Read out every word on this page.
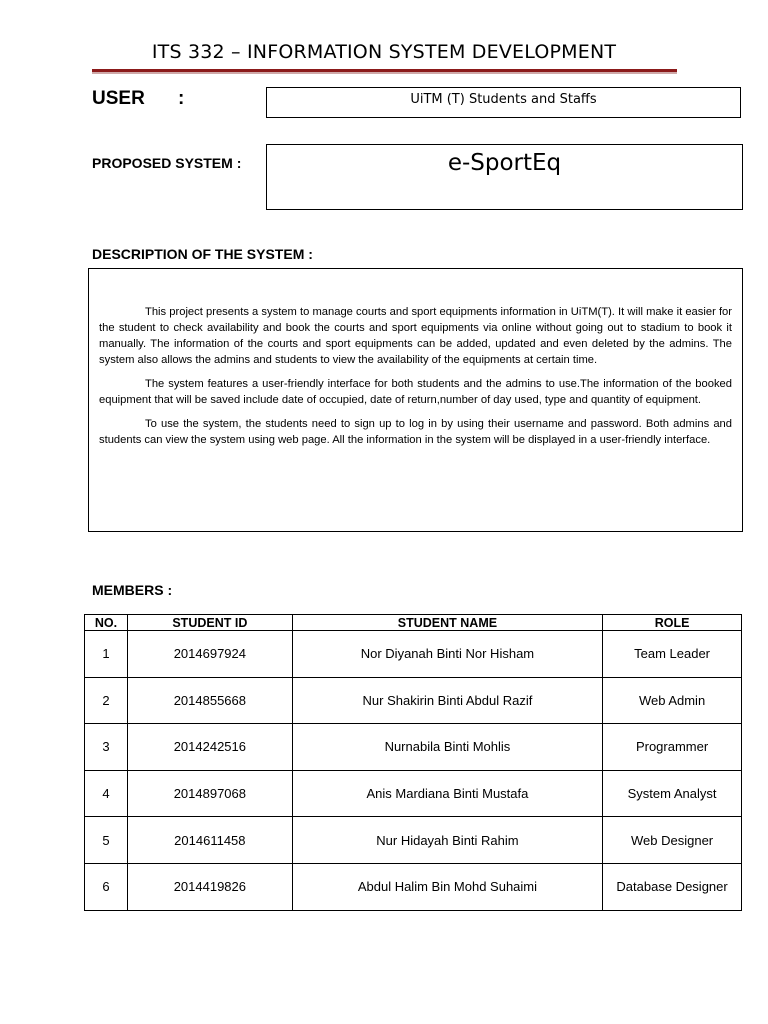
ITS 332 – INFORMATION SYSTEM DEVELOPMENT
USER :	UiTM (T) Students and Staffs
PROPOSED SYSTEM :	e-SportEq
DESCRIPTION OF THE SYSTEM :

This project presents a system to manage courts and sport equipments information in UiTM(T). It will make it easier for the student to check availability and book the courts and sport equipments via online without going out to stadium to book it manually. The information of the courts and sport equipments can be added, updated and even deleted by the admins. The system also allows the admins and students to view the availability of the equipments at certain time.

The system features a user-friendly interface for both students and the admins to use.The information of the booked equipment that will be saved include date of occupied, date of return,number of day used, type and quantity of equipment.

To use the system, the students need to sign up to log in by using their username and password. Both admins and students can view the system using web page. All the information in the system will be displayed in a user-friendly interface.

MEMBERS :
NO.	STUDENT ID	STUDENT NAME	ROLE
1	2014697924	Nor Diyanah Binti Nor Hisham	Team Leader
2	2014855668	Nur Shakirin Binti Abdul Razif	Web Admin
3	2014242516	Nurnabila Binti Mohlis	Programmer
4	2014897068	Anis Mardiana Binti Mustafa	System Analyst
5	2014611458	Nur Hidayah Binti Rahim	Web Designer
6	2014419826	Abdul Halim Bin Mohd Suhaimi	Database Designer
